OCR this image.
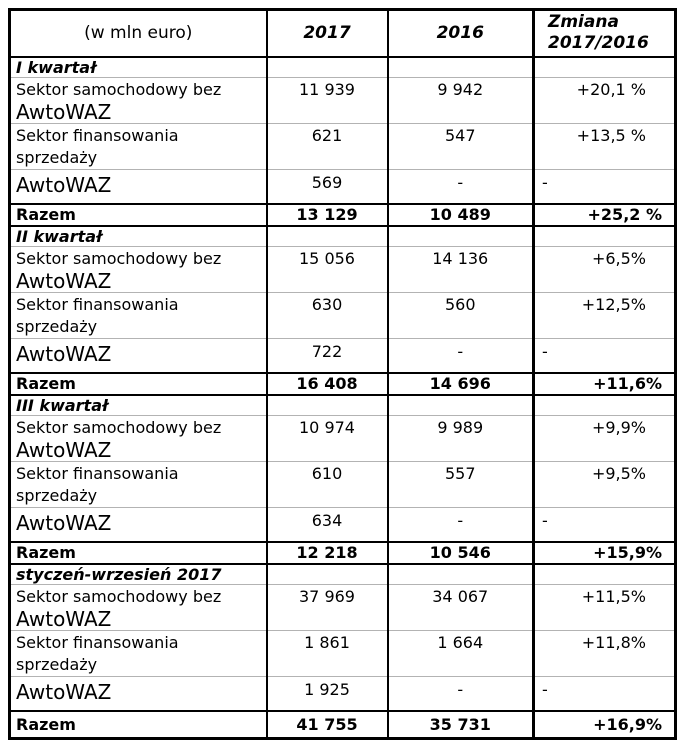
(w mln euro)	2017	2016	Zmiana
2017/2016

I kwartał			

Sektor samochodowy bez
AwtoWAZ	11 939	9 942	+20,1 %

Sektor finansowania
sprzedaży	621	547	+13,5 %
AwtoWAZ	569	-	-
Razem	13 129	10 489	+25,2 %
II kwartał			

Sektor samochodowy bez
AwtoWAZ	15 056	14 136	+6,5%

Sektor finansowania
sprzedaży	630	560	+12,5%
AwtoWAZ	722	-	-
Razem	16 408	14 696	+11,6%
III kwartał			

Sektor samochodowy bez
AwtoWAZ	10 974	9 989	+9,9%

Sektor finansowania
sprzedaży	610	557	+9,5%
AwtoWAZ	634	-	-
Razem	12 218	10 546	+15,9%
styczeń-wrzesień 2017			

Sektor samochodowy bez
AwtoWAZ	37 969	34 067	+11,5%

Sektor finansowania
sprzedaży	1 861	1 664	+11,8%
AwtoWAZ	1 925	-	-
Razem	41 755	35 731	+16,9%
